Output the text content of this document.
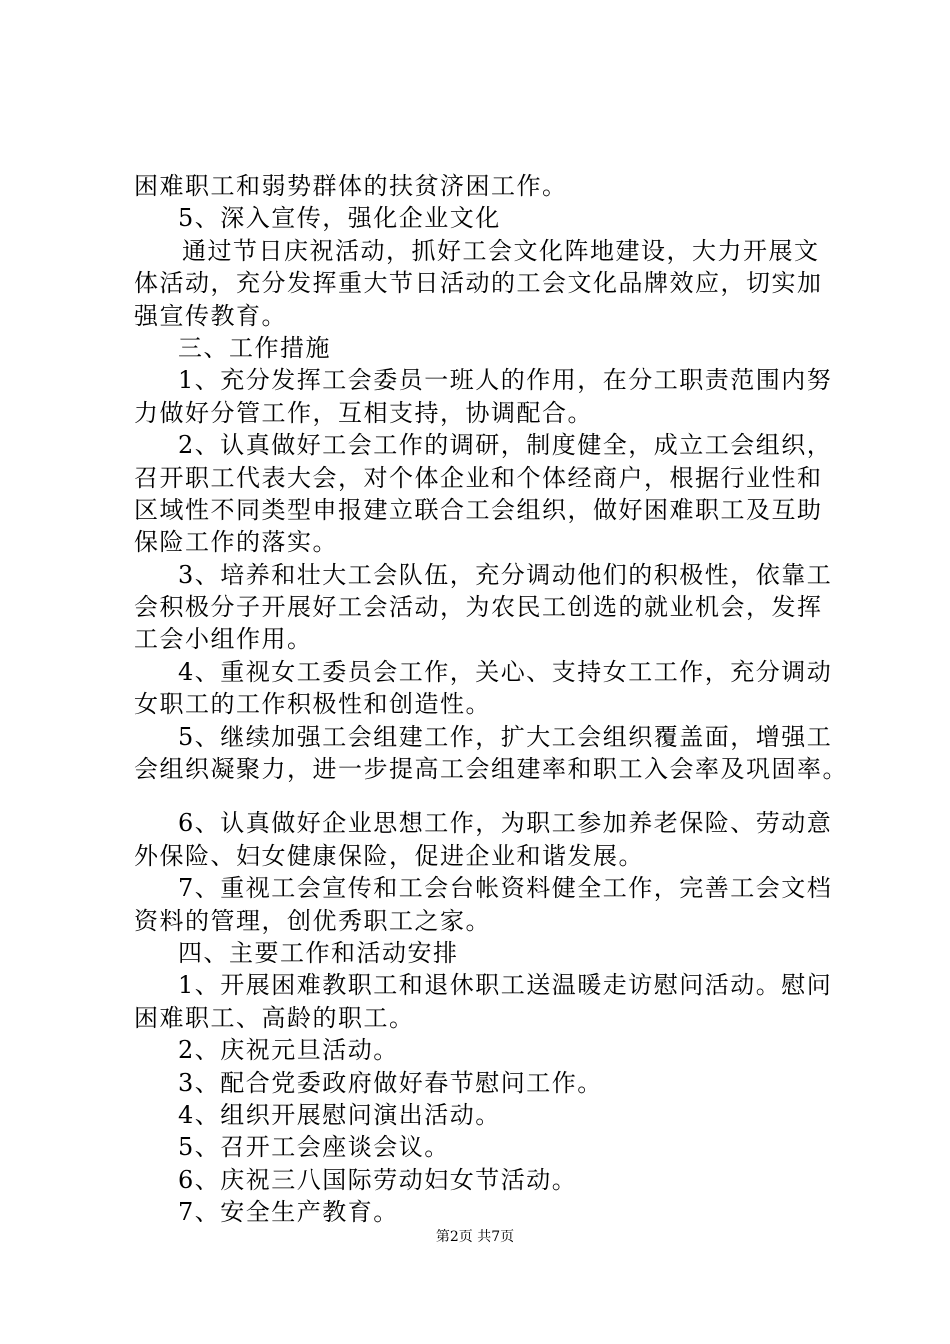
困难职工和弱势群体的扶贫济困工作。
5、深入宣传，强化企业文化
通过节日庆祝活动，抓好工会文化阵地建设，大力开展文
体活动，充分发挥重大节日活动的工会文化品牌效应，切实加
强宣传教育。
三、工作措施
1、充分发挥工会委员一班人的作用，在分工职责范围内努
力做好分管工作，互相支持，协调配合。
2、认真做好工会工作的调研，制度健全，成立工会组织，
召开职工代表大会，对个体企业和个体经商户，根据行业性和
区域性不同类型申报建立联合工会组织，做好困难职工及互助
保险工作的落实。
3、培养和壮大工会队伍，充分调动他们的积极性，依靠工
会积极分子开展好工会活动，为农民工创选的就业机会，发挥
工会小组作用。
4、重视女工委员会工作，关心、支持女工工作，充分调动
女职工的工作积极性和创造性。
5、继续加强工会组建工作，扩大工会组织覆盖面，增强工
会组织凝聚力，进一步提高工会组建率和职工入会率及巩固率。
6、认真做好企业思想工作，为职工参加养老保险、劳动意
外保险、妇女健康保险，促进企业和谐发展。
7、重视工会宣传和工会台帐资料健全工作，完善工会文档
资料的管理，创优秀职工之家。
四、主要工作和活动安排
1、开展困难教职工和退休职工送温暖走访慰问活动。慰问
困难职工、高龄的职工。
2、庆祝元旦活动。
3、配合党委政府做好春节慰问工作。
4、组织开展慰问演出活动。
5、召开工会座谈会议。
6、庆祝三八国际劳动妇女节活动。
7、安全生产教育。
第2页 共7页
